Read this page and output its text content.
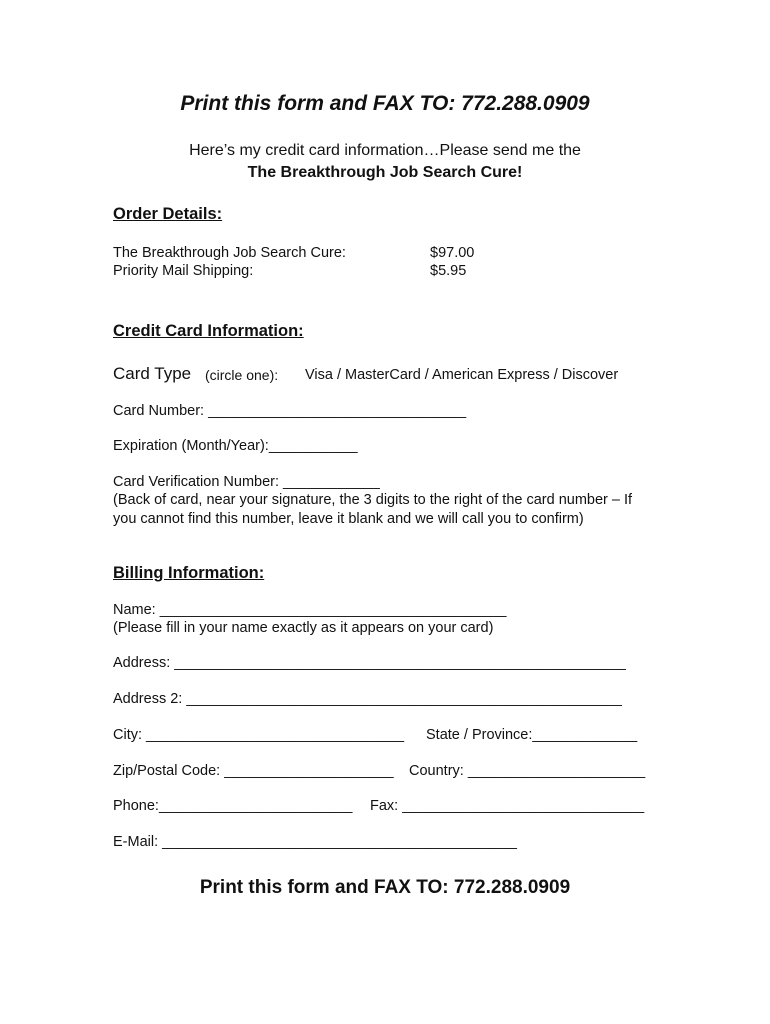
Print this form and FAX TO: 772.288.0909
Here’s my credit card information…Please send me the
The Breakthrough Job Search Cure!
Order Details:
The Breakthrough Job Search Cure:	$97.00
Priority Mail Shipping:	$5.95
Credit Card Information:
Card Type (circle one): Visa / MasterCard / American Express / Discover
Card Number: ________________________________
Expiration (Month/Year):___________
Card Verification Number: ____________
(Back of card, near your signature, the 3 digits to the right of the card number – If
you cannot find this number, leave it blank and we will call you to confirm)
Billing Information:
Name: ___________________________________________
(Please fill in your name exactly as it appears on your card)
Address: ________________________________________________________
Address 2: ______________________________________________________
City: ________________________________ State / Province:_____________
Zip/Postal Code: _____________________ Country: ______________________
Phone:________________________ Fax: ______________________________
E-Mail: ____________________________________________
Print this form and FAX TO: 772.288.0909
